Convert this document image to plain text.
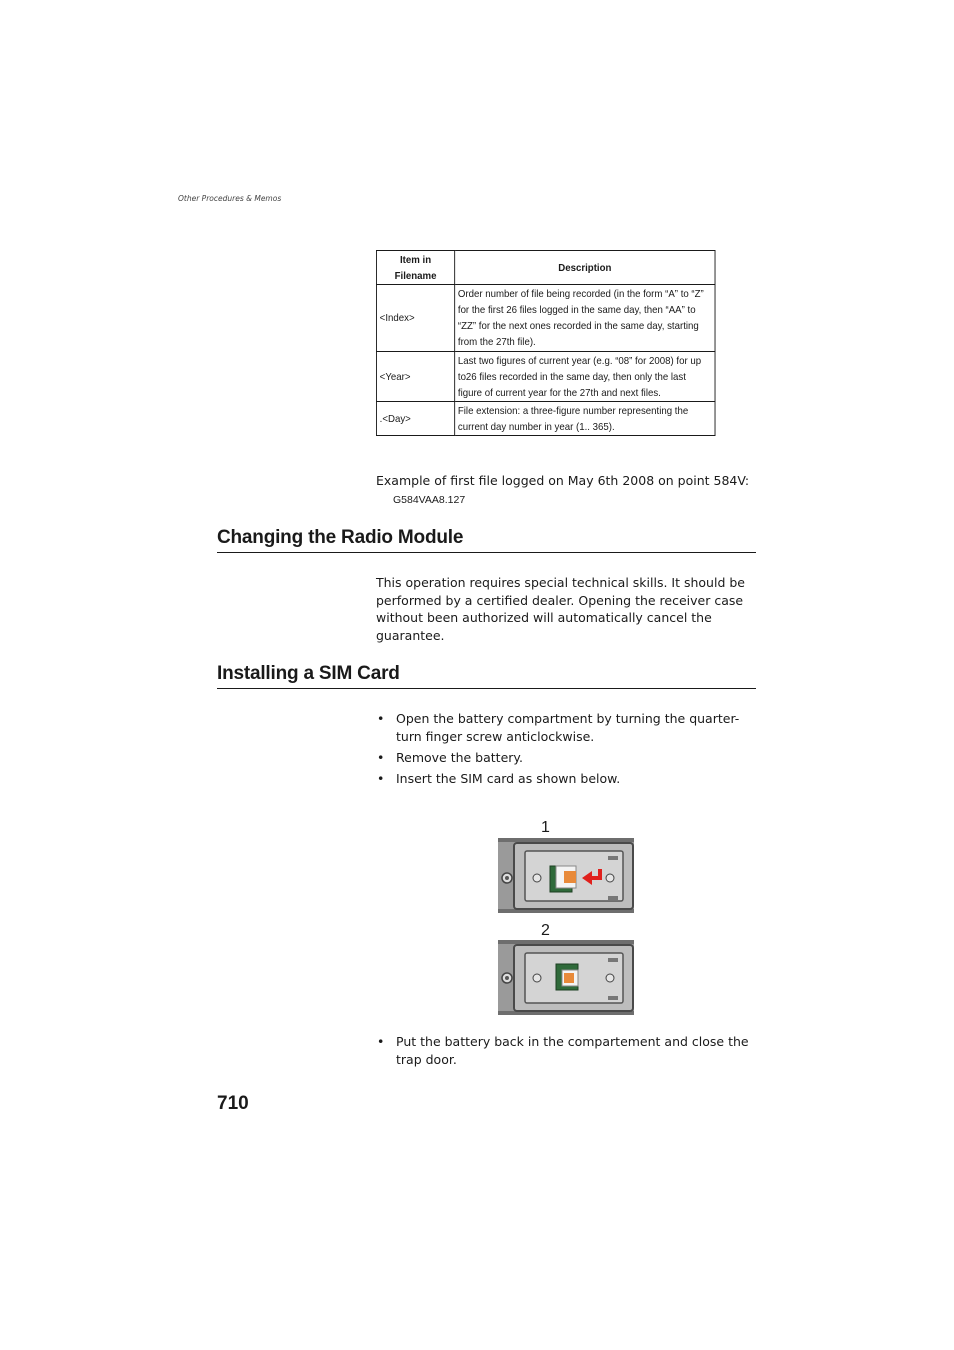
Other Procedures & Memos
Item in Filename	Description
<Index>	Order number of file being recorded (in the form “A” to “Z” for the first 26 files logged in the same day, then “AA” to “ZZ” for the next ones recorded in the same day, starting from the 27th file).
<Year>	Last two figures of current year (e.g. “08” for 2008) for up to26 files recorded in the same day, then only the last figure of current year for the 27th and next files.
.<Day>	File extension: a three-figure number representing the current day number in year (1.. 365).
Example of first file logged on May 6th 2008 on point 584V:
G584VAA8.127
Changing the Radio Module
This operation requires special technical skills. It should be performed by a certified dealer. Opening the receiver case without been authorized will automatically cancel the guarantee.
Installing a SIM Card
• Open the battery compartment by turning the quarter-turn finger screw anticlockwise.
• Remove the battery.
• Insert the SIM card as shown below.
1
2
• Put the battery back in the compartement and close the trap door.
710
